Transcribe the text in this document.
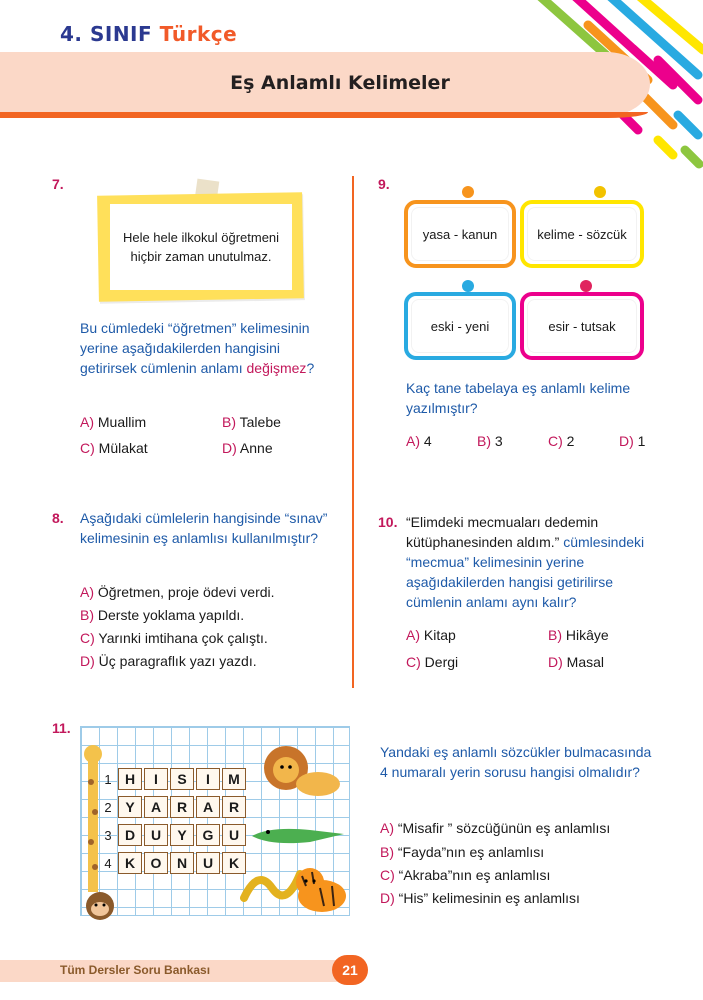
4. SINIF Türkçe
Eş Anlamlı Kelimeler
7.
Hele hele ilkokul öğretmeni hiçbir zaman unutulmaz.
Bu cümledeki “öğretmen” kelimesinin yerine aşağıdakilerden hangisini getirirsek cümlenin anlamı değişmez?
A) Muallim	B) Talebe
C) Mülakat	D) Anne
8. Aşağıdaki cümlelerin hangisinde “sınav” kelimesinin eş anlamlısı kullanılmıştır?
A) Öğretmen, proje ödevi verdi.
B) Derste yoklama yapıldı.
C) Yarınki imtihana çok çalıştı.
D) Üç paragraflık yazı yazdı.
9.
yasa - kanun	kelime - sözcük
eski - yeni	esir - tutsak
Kaç tane tabelaya eş anlamlı kelime yazılmıştır?
A) 4	B) 3	C) 2	D) 1
10. “Elimdeki mecmuaları dedemin kütüphanesinden aldım.” cümlesindeki “mecmua” kelimesinin yerine aşağıdakilerden hangisi getirilirse cümlenin anlamı aynı kalır?
A) Kitap	B) Hikâye
C) Dergi	D) Masal
11.
1 H	I	S	I	M
2 Y	A	R	A	R
3 D	U	Y	G	U
4 K	O	N	U	K
Yandaki eş anlamlı sözcükler bulmacasında 4 numaralı yerin sorusu hangisi olmalıdır?
A) “Misafir ” sözcüğünün eş anlamlısı
B) “Fayda”nın eş anlamlısı
C) “Akraba”nın eş anlamlısı
D) “His” kelimesinin eş anlamlısı
Tüm Dersler Soru Bankası	21
